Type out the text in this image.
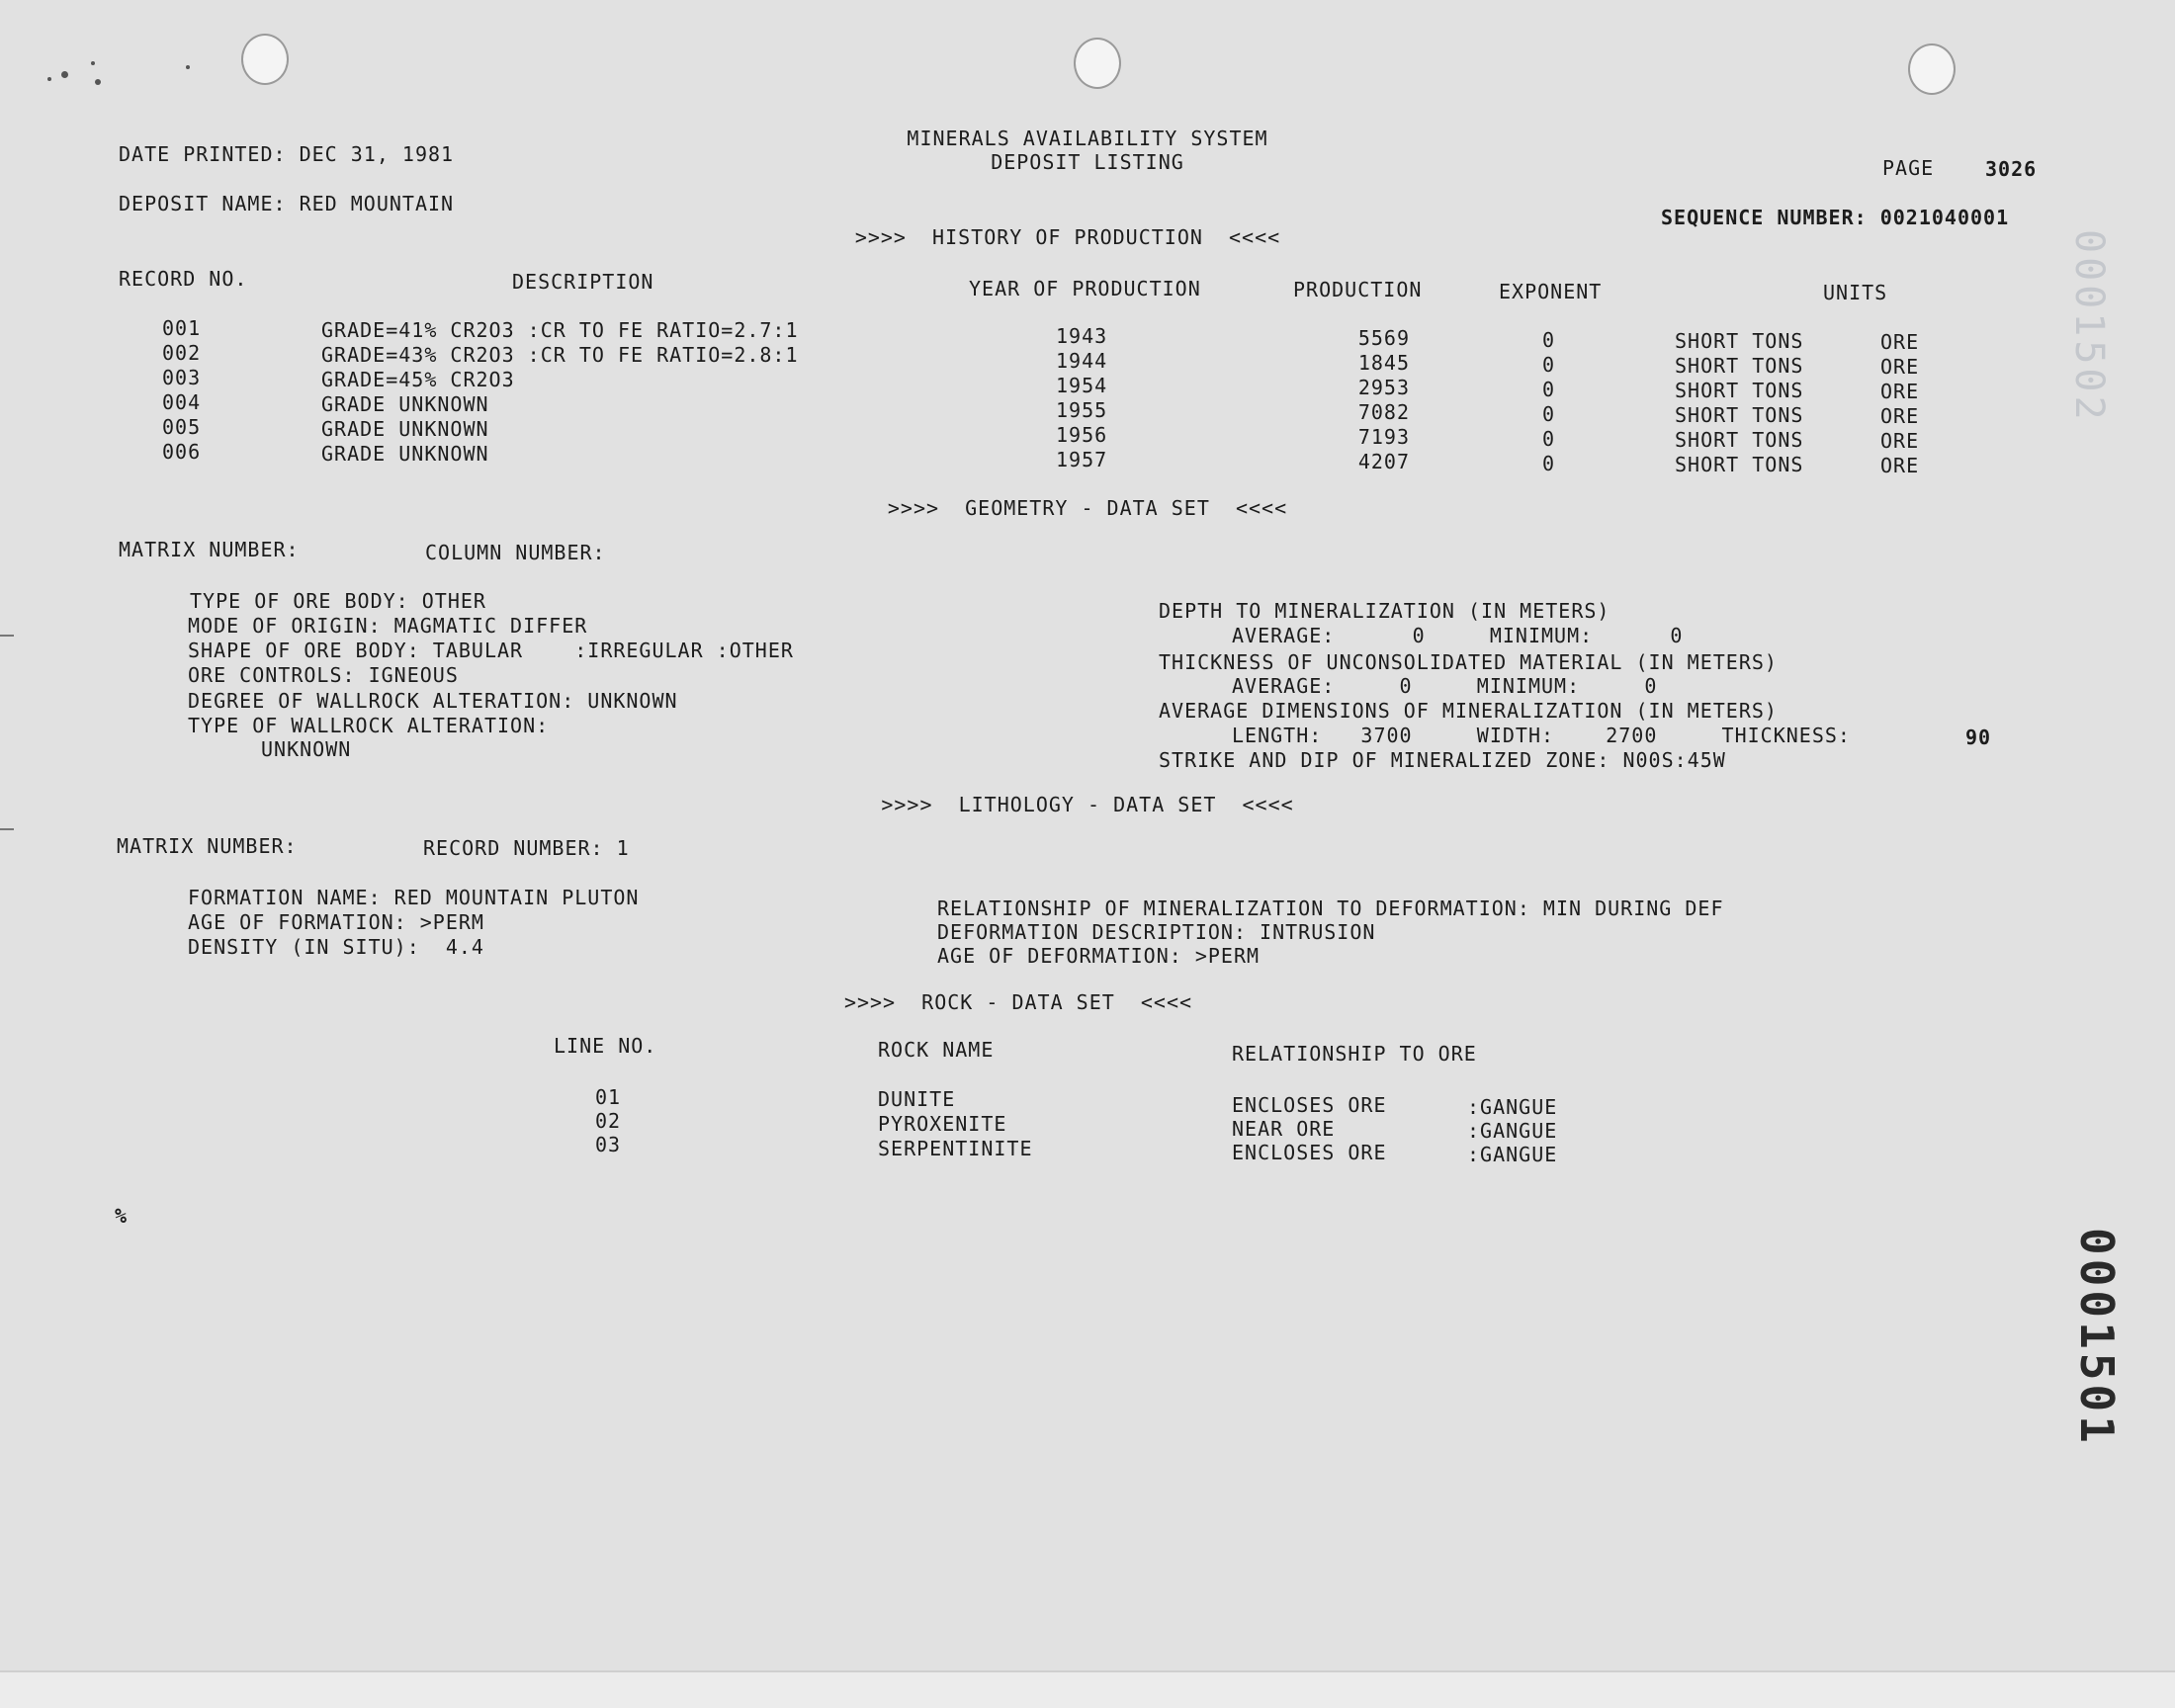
DATE PRINTED: DEC 31, 1981
MINERALS AVAILABILITY SYSTEM
DEPOSIT LISTING	PAGE	3026
DEPOSIT NAME: RED MOUNTAIN
SEQUENCE NUMBER: 0021040001
>>>>  HISTORY OF PRODUCTION  <<<<
RECORD NO.	DESCRIPTION	YEAR OF PRODUCTION	PRODUCTION	EXPONENT	UNITS
001	GRADE=41% CR2O3 :CR TO FE RATIO=2.7:1	1943	5569	0	SHORT TONS	ORE
002	GRADE=43% CR2O3 :CR TO FE RATIO=2.8:1	1944	1845	0	SHORT TONS	ORE
003	GRADE=45% CR2O3	1954	2953	0	SHORT TONS	ORE
004	GRADE UNKNOWN	1955	7082	0	SHORT TONS	ORE
005	GRADE UNKNOWN	1956	7193	0	SHORT TONS	ORE
006	GRADE UNKNOWN	1957	4207	0	SHORT TONS	ORE
>>>>  GEOMETRY - DATA SET  <<<<
MATRIX NUMBER:	COLUMN NUMBER:
TYPE OF ORE BODY: OTHER
MODE OF ORIGIN: MAGMATIC DIFFER
SHAPE OF ORE BODY: TABULAR    :IRREGULAR :OTHER
ORE CONTROLS: IGNEOUS
DEGREE OF WALLROCK ALTERATION: UNKNOWN
TYPE OF WALLROCK ALTERATION:
UNKNOWN
DEPTH TO MINERALIZATION (IN METERS)
AVERAGE:      0     MINIMUM:      0
THICKNESS OF UNCONSOLIDATED MATERIAL (IN METERS)
AVERAGE:     0     MINIMUM:     0
AVERAGE DIMENSIONS OF MINERALIZATION (IN METERS)
LENGTH:   3700     WIDTH:    2700     THICKNESS:	90
STRIKE AND DIP OF MINERALIZED ZONE: N00S:45W
>>>>  LITHOLOGY - DATA SET  <<<<
MATRIX NUMBER:	RECORD NUMBER: 1
FORMATION NAME: RED MOUNTAIN PLUTON
AGE OF FORMATION: >PERM
DENSITY (IN SITU):  4.4
RELATIONSHIP OF MINERALIZATION TO DEFORMATION: MIN DURING DEF
DEFORMATION DESCRIPTION: INTRUSION
AGE OF DEFORMATION: >PERM
>>>>  ROCK - DATA SET  <<<<
LINE NO.	ROCK NAME	RELATIONSHIP TO ORE
01	DUNITE	ENCLOSES ORE	:GANGUE
02	PYROXENITE	NEAR ORE	:GANGUE
03	SERPENTINITE	ENCLOSES ORE	:GANGUE
%
0001502
0001501
